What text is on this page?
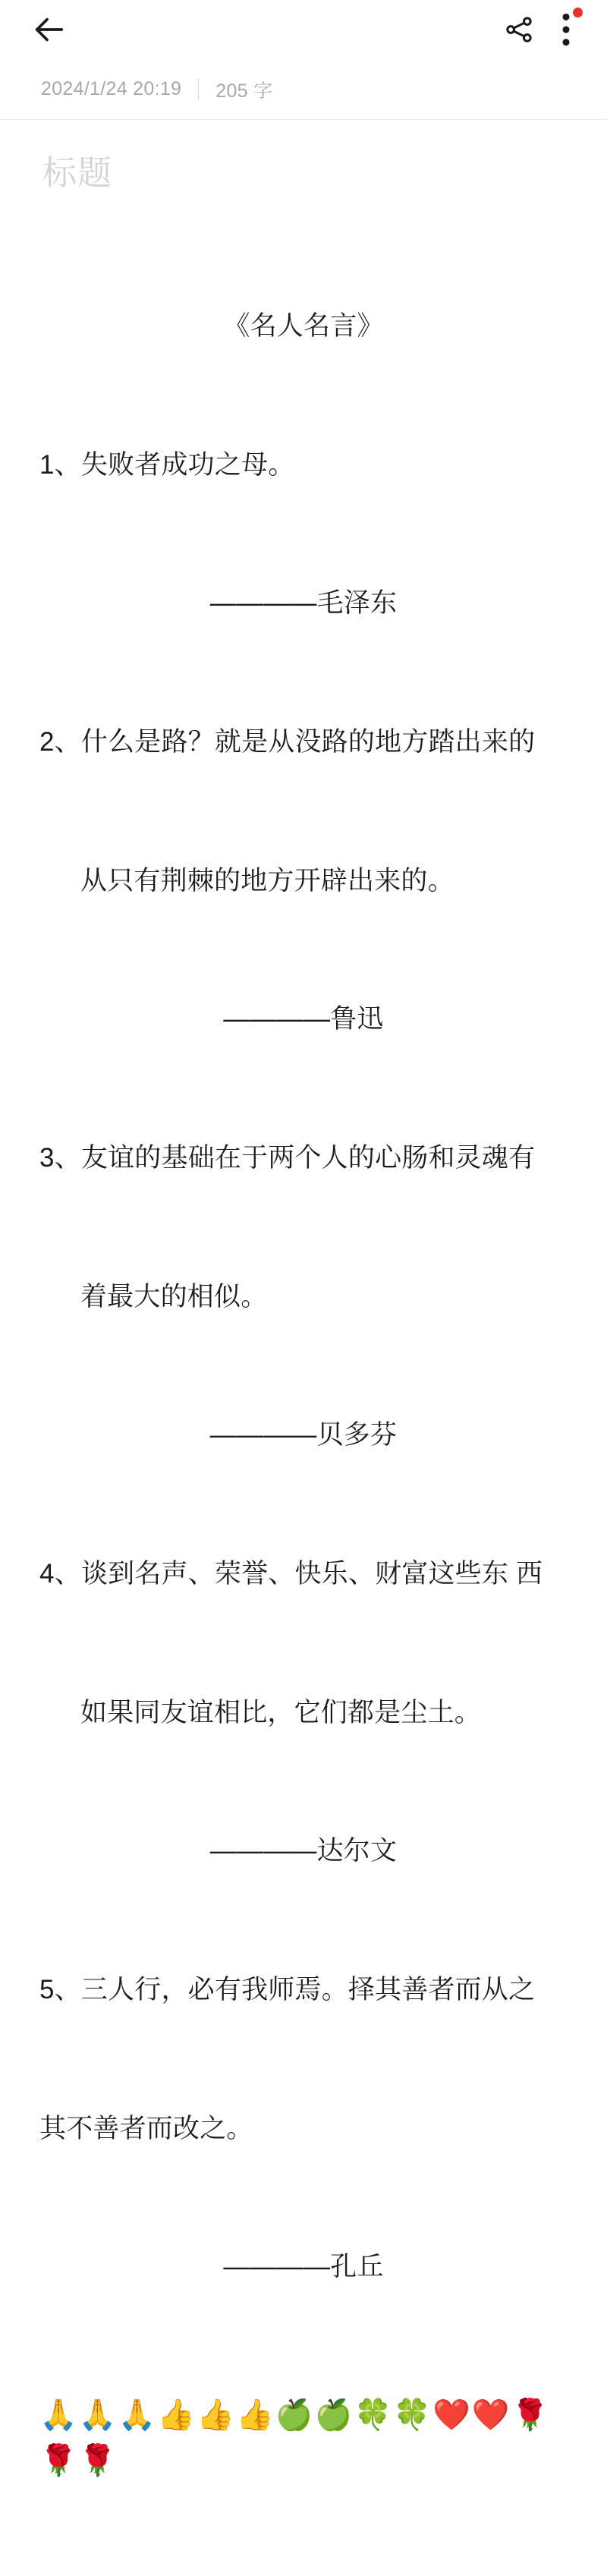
2024/1/24 20:19 205 字
标题

《名人名言》

1、失败者成功之母。

————毛泽东

2、什么是路？就是从没路的地方踏出来的

从只有荆棘的地方开辟出来的。

————鲁迅

3、友谊的基础在于两个人的心肠和灵魂有

着最大的相似。

————贝多芬

4、谈到名声、荣誉、快乐、财富这些东 西

如果同友谊相比，它们都是尘土。

————达尔文

5、三人行，必有我师焉。择其善者而从之

其不善者而改之。

————孔丘

🙏🙏🙏👍👍👍🍏🍏🍀🍀❤️❤️🌹🌹🌹
